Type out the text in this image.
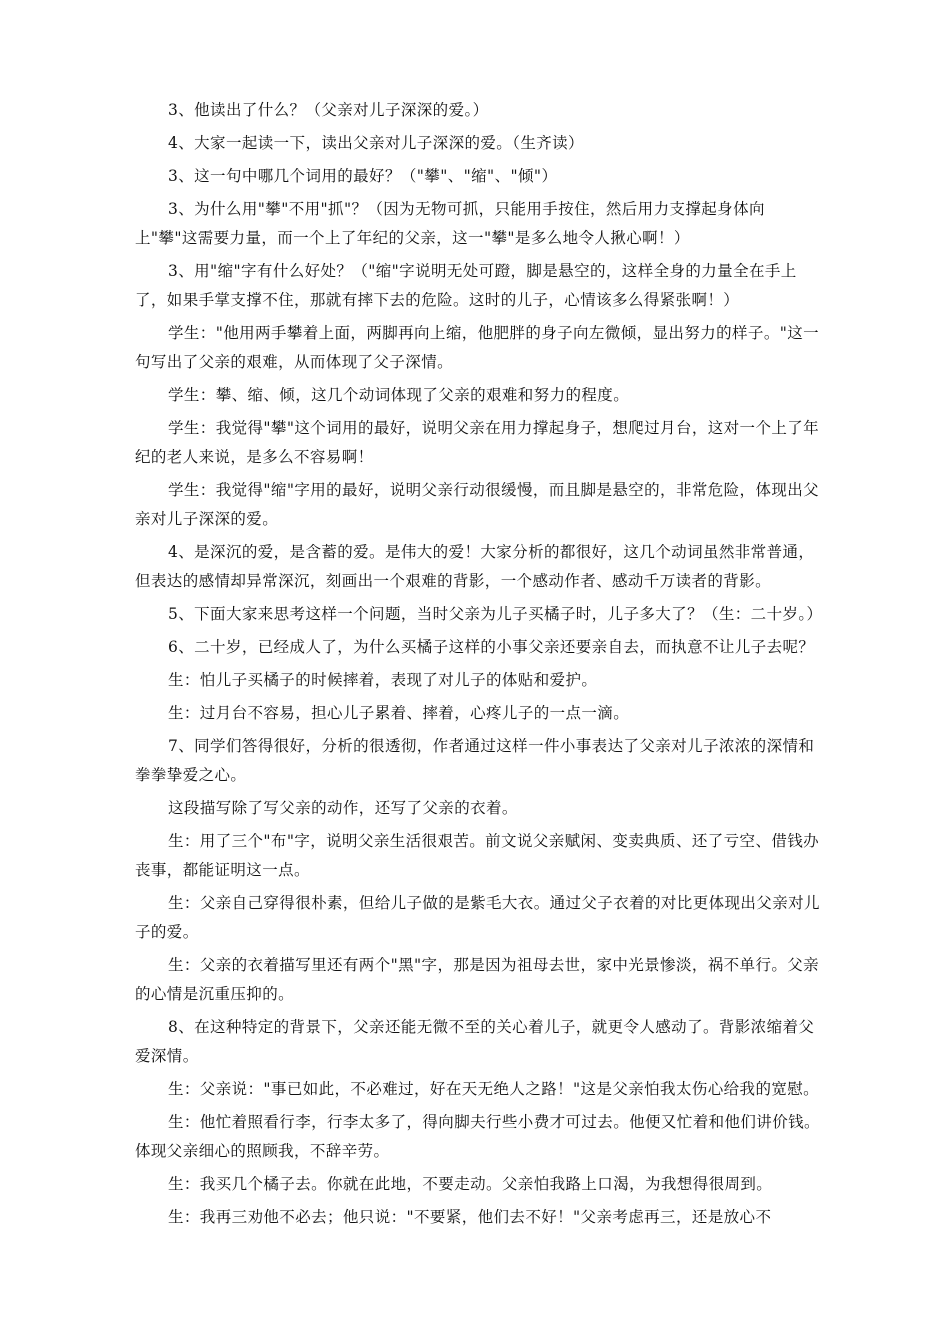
3、他读出了什么？（父亲对儿子深深的爱。）

4、大家一起读一下，读出父亲对儿子深深的爱。（生齐读）

3、这一句中哪几个词用的最好？（"攀"、"缩"、"倾"）

3、为什么用"攀"不用"抓"？（因为无物可抓，只能用手按住，然后用力支撑起身体向上"攀"这需要力量，而一个上了年纪的父亲，这一"攀"是多么地令人揪心啊！）

3、用"缩"字有什么好处？（"缩"字说明无处可蹬，脚是悬空的，这样全身的力量全在手上了，如果手掌支撑不住，那就有摔下去的危险。这时的儿子，心情该多么得紧张啊！）

学生："他用两手攀着上面，两脚再向上缩，他肥胖的身子向左微倾，显出努力的样子。"这一句写出了父亲的艰难，从而体现了父子深情。

学生：攀、缩、倾，这几个动词体现了父亲的艰难和努力的程度。

学生：我觉得"攀"这个词用的最好，说明父亲在用力撑起身子，想爬过月台，这对一个上了年纪的老人来说，是多么不容易啊！

学生：我觉得"缩"字用的最好，说明父亲行动很缓慢，而且脚是悬空的，非常危险，体现出父亲对儿子深深的爱。

4、是深沉的爱，是含蓄的爱。是伟大的爱！大家分析的都很好，这几个动词虽然非常普通，但表达的感情却异常深沉，刻画出一个艰难的背影，一个感动作者、感动千万读者的背影。

5、下面大家来思考这样一个问题，当时父亲为儿子买橘子时，儿子多大了？（生：二十岁。）

6、二十岁，已经成人了，为什么买橘子这样的小事父亲还要亲自去，而执意不让儿子去呢？

生：怕儿子买橘子的时候摔着，表现了对儿子的体贴和爱护。

生：过月台不容易，担心儿子累着、摔着，心疼儿子的一点一滴。

7、同学们答得很好，分析的很透彻，作者通过这样一件小事表达了父亲对儿子浓浓的深情和拳拳挚爱之心。

这段描写除了写父亲的动作，还写了父亲的衣着。

生：用了三个"布"字，说明父亲生活很艰苦。前文说父亲赋闲、变卖典质、还了亏空、借钱办丧事，都能证明这一点。

生：父亲自己穿得很朴素，但给儿子做的是紫毛大衣。通过父子衣着的对比更体现出父亲对儿子的爱。

生：父亲的衣着描写里还有两个"黑"字，那是因为祖母去世，家中光景惨淡，祸不单行。父亲的心情是沉重压抑的。

8、在这种特定的背景下，父亲还能无微不至的关心着儿子，就更令人感动了。背影浓缩着父爱深情。

生：父亲说："事已如此，不必难过，好在天无绝人之路！"这是父亲怕我太伤心给我的宽慰。

生：他忙着照看行李，行李太多了，得向脚夫行些小费才可过去。他便又忙着和他们讲价钱。体现父亲细心的照顾我，不辞辛劳。

生：我买几个橘子去。你就在此地，不要走动。父亲怕我路上口渴，为我想得很周到。

生：我再三劝他不必去；他只说："不要紧，他们去不好！"父亲考虑再三，还是放心不
